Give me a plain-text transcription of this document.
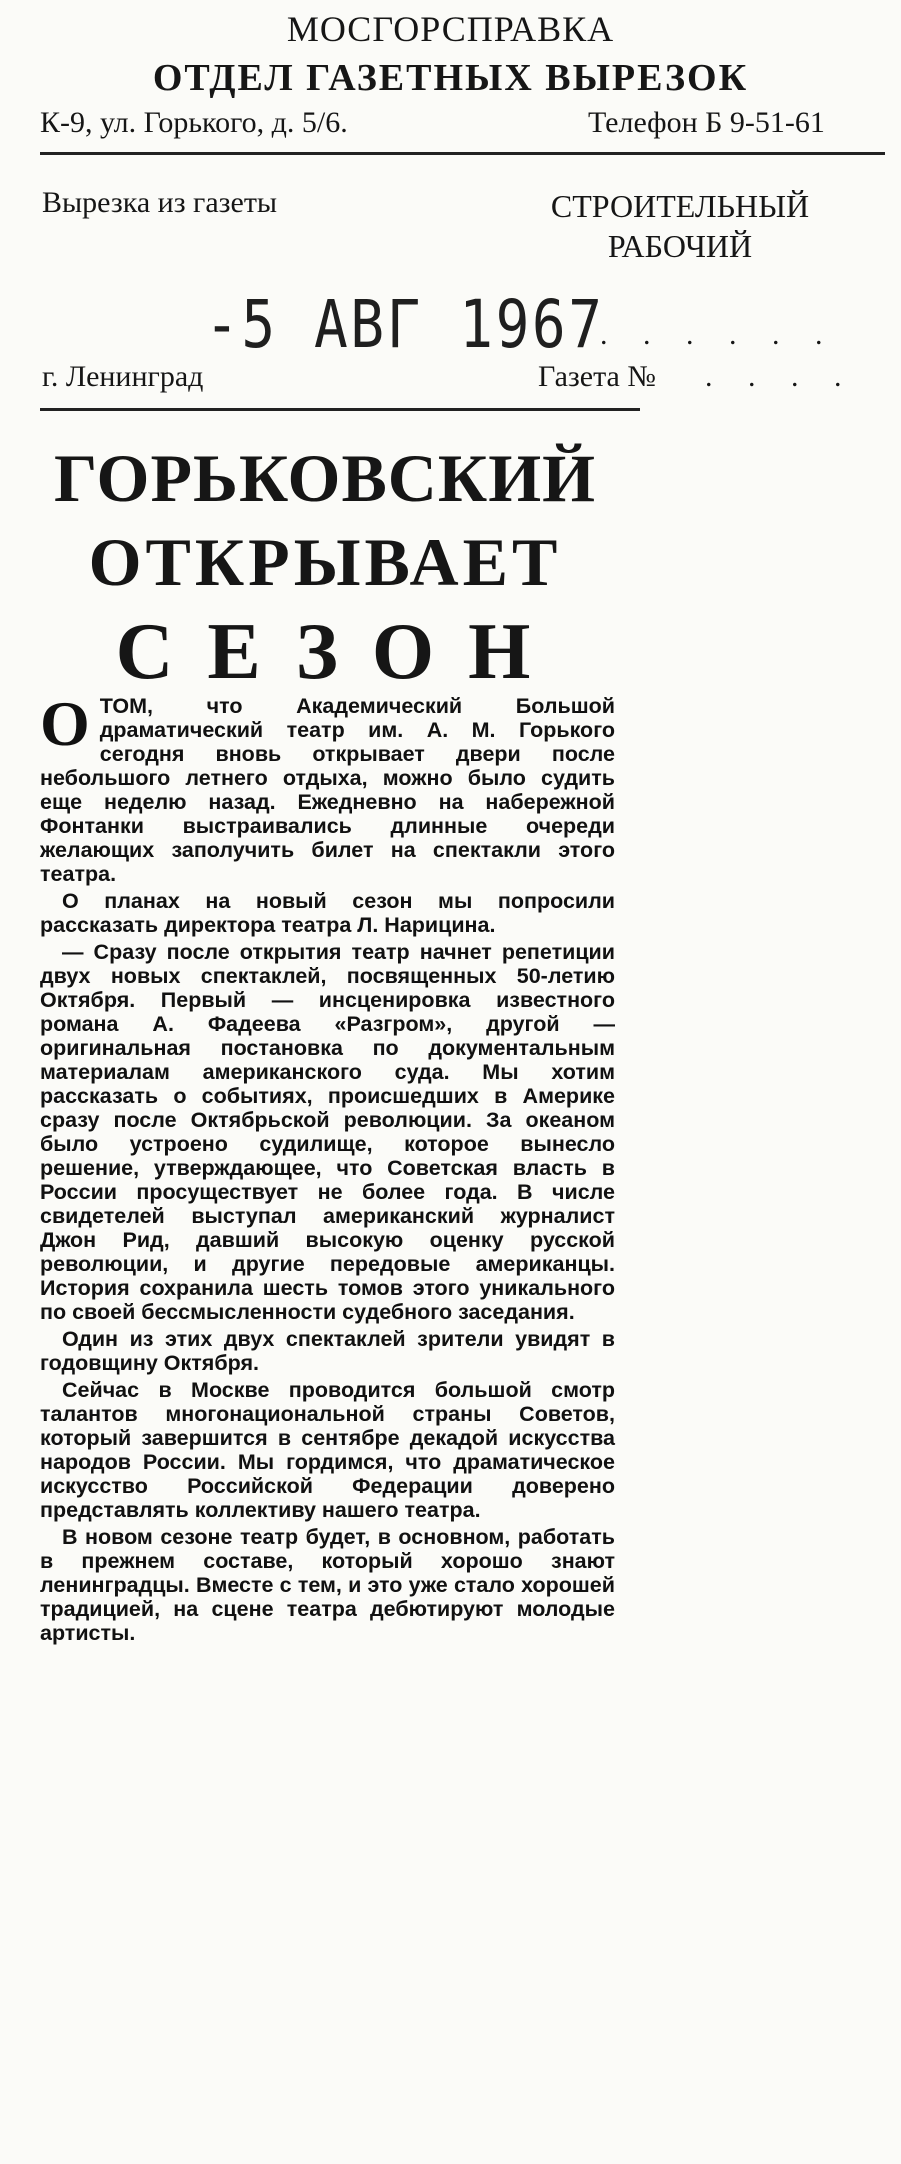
МОСГОРСПРАВКА
ОТДЕЛ ГАЗЕТНЫХ ВЫРЕЗОК
К-9, ул. Горького, д. 5/6.	Телефон Б 9-51-61
Вырезка из газеты	СТРОИТЕЛЬНЫЙ
РАБОЧИЙ
-5 АВГ 1967
. . . . . .
г. Ленинград	Газета № . . . .
ГОРЬКОВСКИЙ
ОТКРЫВАЕТ
СЕЗОН

ОТОМ, что Академический Большой драматический театр им. А. М. Горького сегодня вновь открывает двери после небольшого летнего отдыха, можно было судить еще неделю назад. Ежедневно на набережной Фонтанки выстраивались длинные очереди желающих заполучить билет на спектакли этого театра.

О планах на новый сезон мы попросили рассказать директора театра Л. Нарицина.

— Сразу после открытия театр начнет репетиции двух новых спектаклей, посвященных 50-летию Октября. Первый — инсценировка известного романа А. Фадеева «Разгром», другой — оригинальная постановка по документальным материалам американского суда. Мы хотим рассказать о событиях, происшедших в Америке сразу после Октябрьской революции. За океаном было устроено судилище, которое вынесло решение, утверждающее, что Советская власть в России просуществует не более года. В числе свидетелей выступал американский журналист Джон Рид, давший высокую оценку русской революции, и другие передовые американцы. История сохранила шесть томов этого уникального по своей бессмысленности судебного заседания.

Один из этих двух спектаклей зрители увидят в годовщину Октября.

Сейчас в Москве проводится большой смотр талантов многонациональной страны Советов, который завершится в сентябре декадой искусства народов России. Мы гордимся, что драматическое искусство Российской Федерации доверено представлять коллективу нашего театра.

В новом сезоне театр будет, в основном, работать в прежнем составе, который хорошо знают ленинградцы. Вместе с тем, и это уже стало хорошей традицией, на сцене театра дебютируют молодые артисты.
